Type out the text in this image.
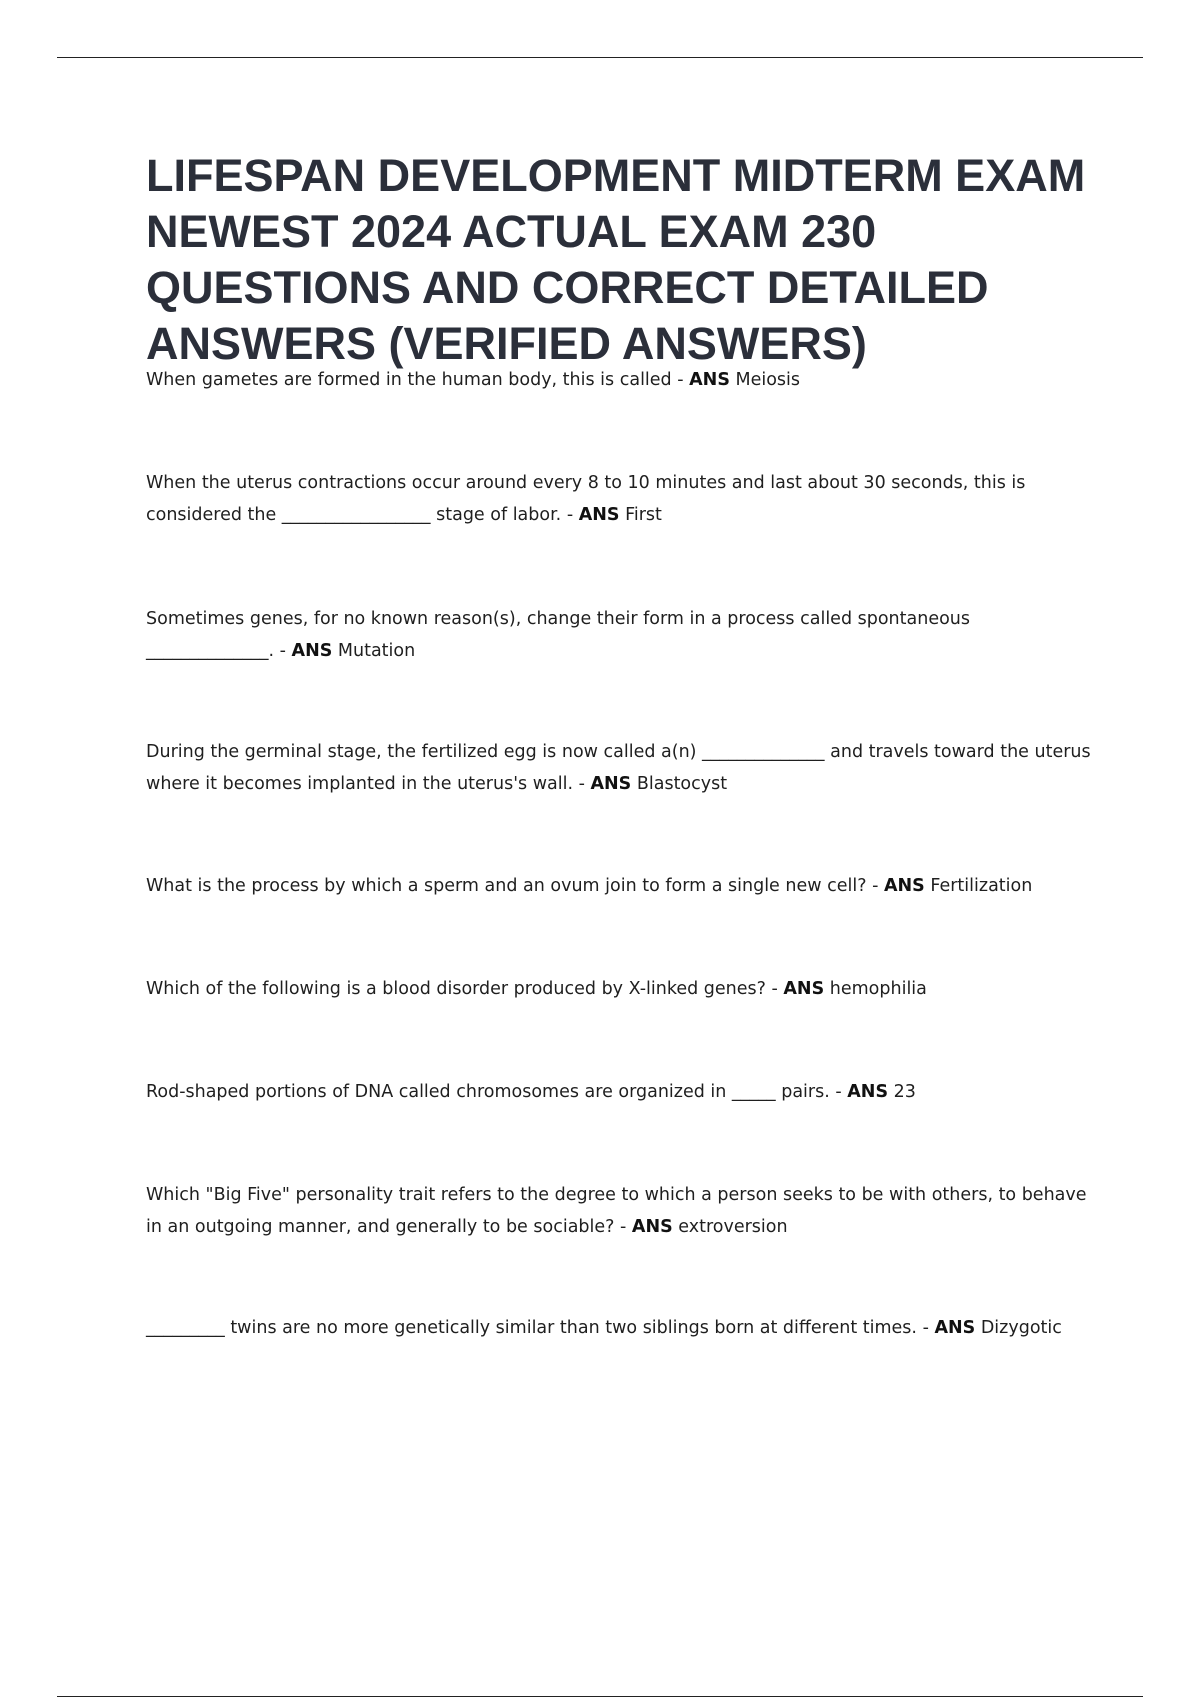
LIFESPAN DEVELOPMENT MIDTERM EXAM NEWEST 2024 ACTUAL EXAM 230 QUESTIONS AND CORRECT DETAILED ANSWERS (VERIFIED ANSWERS)

When gametes are formed in the human body, this is called - ANS Meiosis

When the uterus contractions occur around every 8 to 10 minutes and last about 30 seconds, this is considered the _________________ stage of labor. - ANS First

Sometimes genes, for no known reason(s), change their form in a process called spontaneous ______________. - ANS Mutation

During the germinal stage, the fertilized egg is now called a(n) ______________ and travels toward the uterus where it becomes implanted in the uterus's wall. - ANS Blastocyst

What is the process by which a sperm and an ovum join to form a single new cell? - ANS Fertilization

Which of the following is a blood disorder produced by X-linked genes? - ANS hemophilia

Rod-shaped portions of DNA called chromosomes are organized in _____ pairs. - ANS 23

Which "Big Five" personality trait refers to the degree to which a person seeks to be with others, to behave in an outgoing manner, and generally to be sociable? - ANS extroversion

_________ twins are no more genetically similar than two siblings born at different times. - ANS Dizygotic
